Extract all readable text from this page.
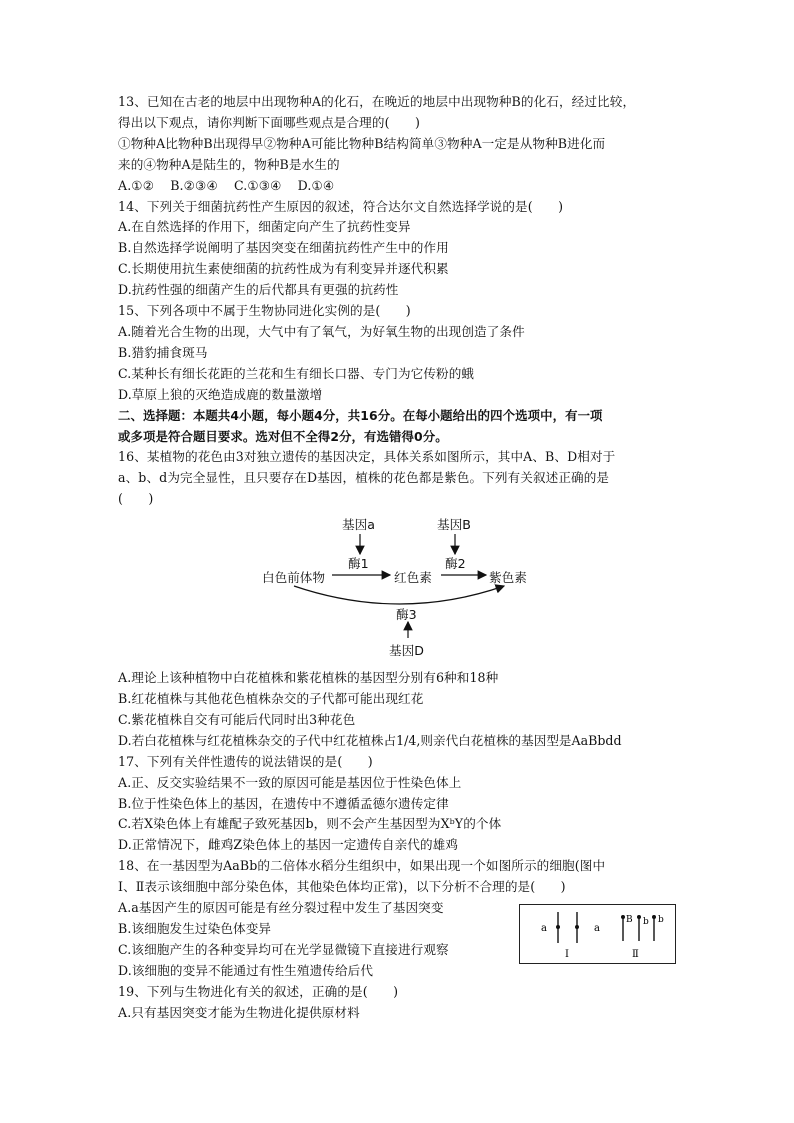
13、已知在古老的地层中出现物种A的化石，在晚近的地层中出现物种B的化石，经过比较，
得出以下观点，请你判断下面哪些观点是合理的(　　)
①物种A比物种B出现得早②物种A可能比物种B结构简单③物种A一定是从物种B进化而
来的④物种A是陆生的，物种B是水生的
A.①② B.②③④ C.①③④ D.①④
14、下列关于细菌抗药性产生原因的叙述，符合达尔文自然选择学说的是(　　)
A.在自然选择的作用下，细菌定向产生了抗药性变异
B.自然选择学说阐明了基因突变在细菌抗药性产生中的作用
C.长期使用抗生素使细菌的抗药性成为有利变异并逐代积累
D.抗药性强的细菌产生的后代都具有更强的抗药性
15、下列各项中不属于生物协同进化实例的是(　　)
A.随着光合生物的出现，大气中有了氧气，为好氧生物的出现创造了条件
B.猎豹捕食斑马
C.某种长有细长花距的兰花和生有细长口器、专门为它传粉的蛾
D.草原上狼的灭绝造成鹿的数量激增
二、选择题：本题共4小题，每小题4分，共16分。在每小题给出的四个选项中，有一项
或多项是符合题目要求。选对但不全得2分，有选错得0分。
16、某植物的花色由3对独立遗传的基因决定，具体关系如图所示，其中A、B、D相对于
a、b、d为完全显性，且只要存在D基因，植株的花色都是紫色。下列有关叙述正确的是
(　　)
基因a	基因B
酶1	酶2
白色前体物	红色素	紫色素
酶3
基因D
A.理论上该种植物中白花植株和紫花植株的基因型分别有6种和18种
B.红花植株与其他花色植株杂交的子代都可能出现红花
C.紫花植株自交有可能后代同时出3种花色
D.若白花植株与红花植株杂交的子代中红花植株占1/4,则亲代白花植株的基因型是AaBbdd
17、下列有关伴性遗传的说法错误的是(　　)
A.正、反交实验结果不一致的原因可能是基因位于性染色体上
B.位于性染色体上的基因，在遗传中不遵循孟德尔遗传定律
C.若X染色体上有雄配子致死基因b，则不会产生基因型为XᵇY的个体
D.正常情况下，雌鸡Z染色体上的基因一定遗传自亲代的雄鸡
18、在一基因型为AaBb的二倍体水稻分生组织中，如果出现一个如图所示的细胞(图中
Ⅰ、Ⅱ表示该细胞中部分染色体，其他染色体均正常)，以下分析不合理的是(　　)
A.a基因产生的原因可能是有丝分裂过程中发生了基因突变
B.该细胞发生过染色体变异
C.该细胞产生的各种变异均可在光学显微镜下直接进行观察
D.该细胞的变异不能通过有性生殖遗传给后代
a	a
B b b
Ⅰ	Ⅱ
19、下列与生物进化有关的叙述，正确的是(　　)
A.只有基因突变才能为生物进化提供原材料
